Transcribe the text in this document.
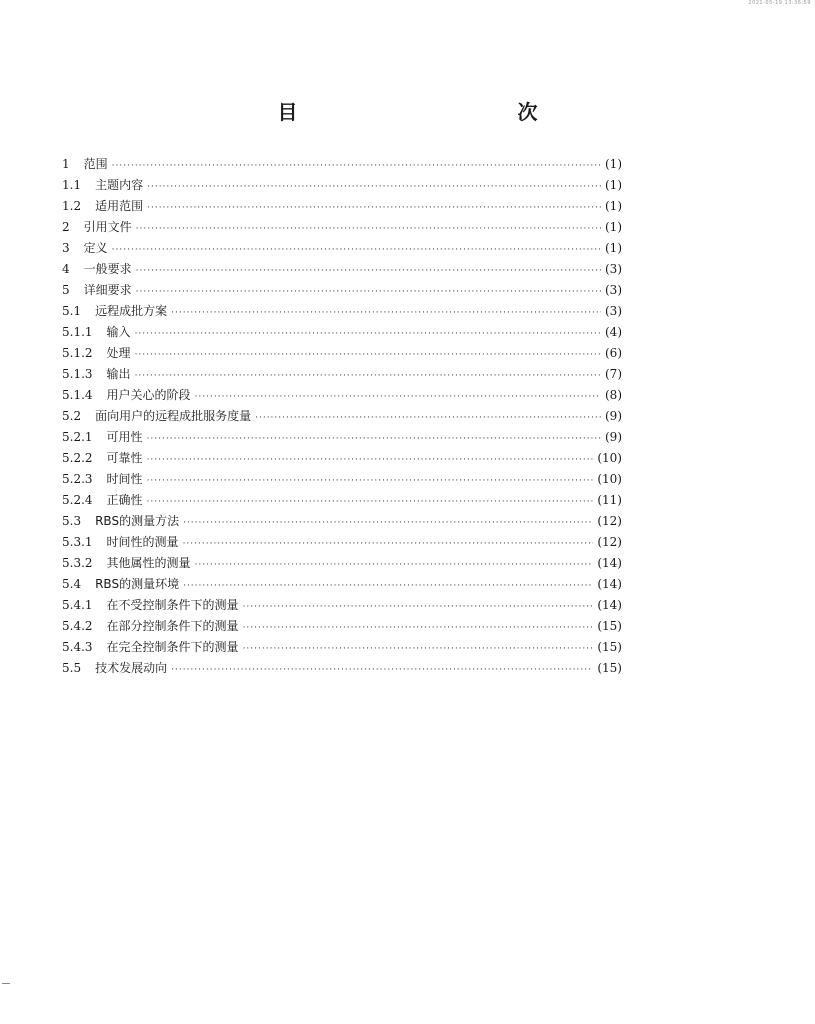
2021-05-19 13:36:59
目　　次
1 范围 ·····	(1)
1.1 主题内容 ·····	(1)
1.2 适用范围 ·····	(1)
2 引用文件 ·····	(1)
3 定义 ·····	(1)
4 一般要求 ·····	(3)
5 详细要求 ·····	(3)
5.1 远程成批方案 ·····	(3)
5.1.1 输入 ·····	(4)
5.1.2 处理 ·····	(6)
5.1.3 输出 ·····	(7)
5.1.4 用户关心的阶段 ·····	(8)
5.2 面向用户的远程成批服务度量 ·····	(9)
5.2.1 可用性 ·····	(9)
5.2.2 可靠性 ·····	(10)
5.2.3 时间性 ·····	(10)
5.2.4 正确性 ·····	(11)
5.3 RBS的测量方法 ·····	(12)
5.3.1 时间性的测量 ·····	(12)
5.3.2 其他属性的测量 ·····	(14)
5.4 RBS的测量环境 ·····	(14)
5.4.1 在不受控制条件下的测量 ·····	(14)
5.4.2 在部分控制条件下的测量 ·····	(15)
5.4.3 在完全控制条件下的测量 ·····	(15)
5.5 技术发展动向 ·····	(15)
